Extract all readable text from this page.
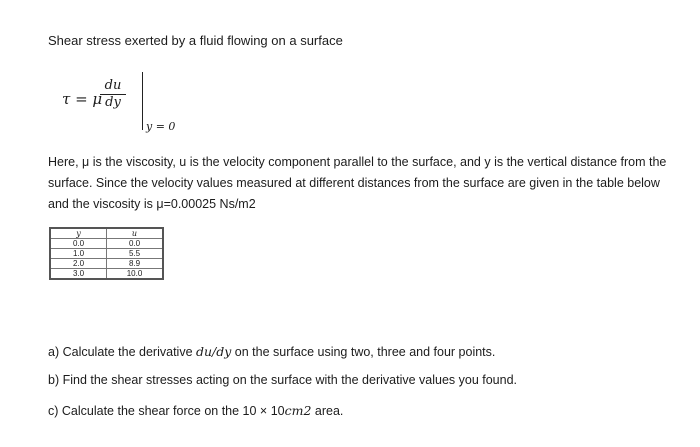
Shear stress exerted by a fluid flowing on a surface
τ = μ
$\frac{du}{dy}$
y = 0
Here, μ is the viscosity, u is the velocity component parallel to the surface, and y is the vertical distance from the surface. Since the velocity values measured at different distances from the surface are given in the table below and the viscosity is μ=0.00025 Ns/m2
y	u
0.0	0.0
1.0	5.5
2.0	8.9
3.0	10.0
a) Calculate the derivative du/dy on the surface using two, three and four points.
b) Find the shear stresses acting on the surface with the derivative values you found.
c) Calculate the shear force on the 10 × 10cm2 area.
